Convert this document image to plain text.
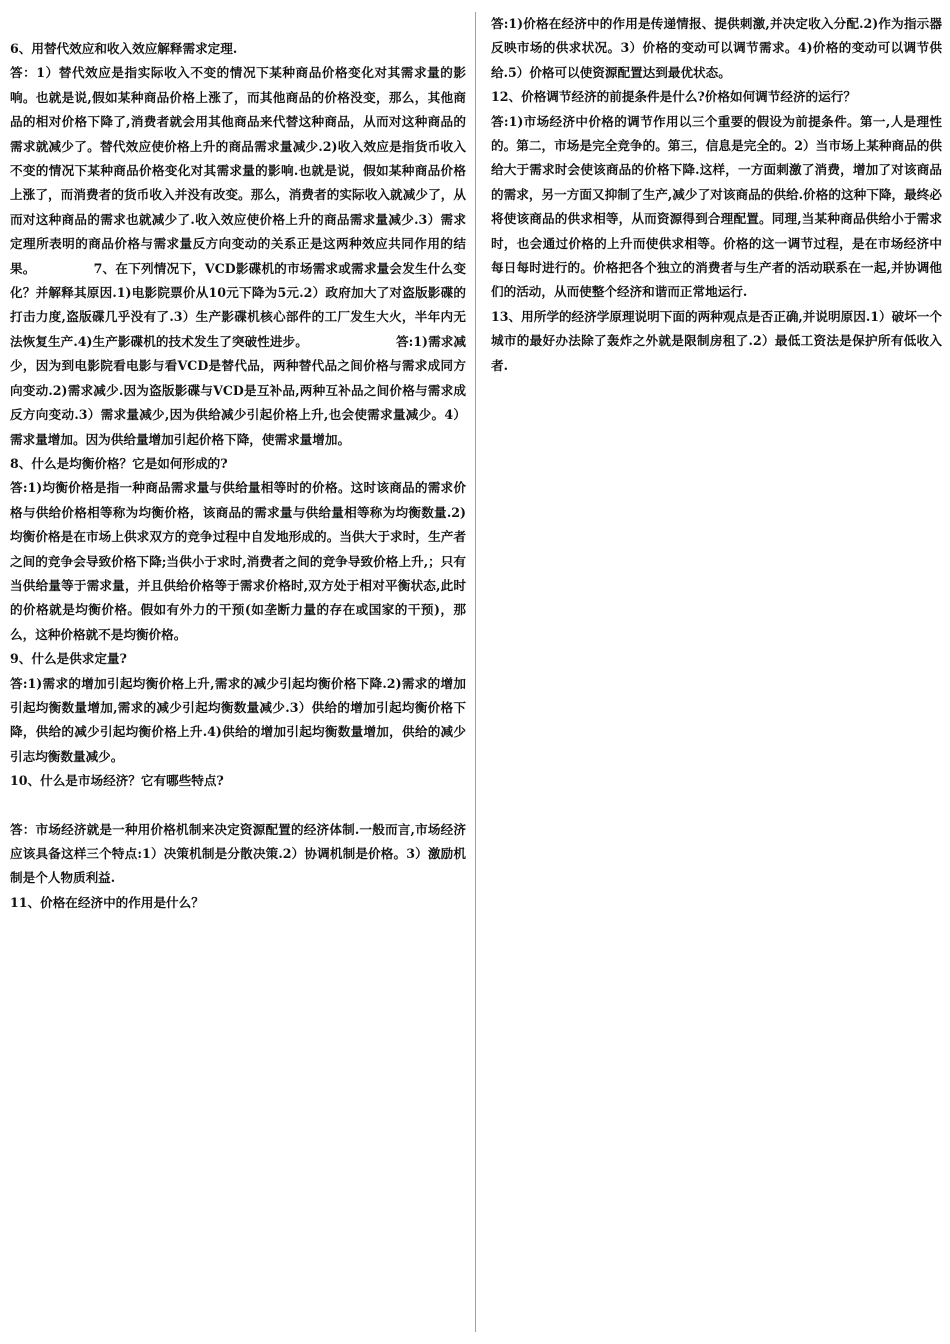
6、用替代效应和收入效应解释需求定理.

答：1）替代效应是指实际收入不变的情况下某种商品价格变化对其需求量的影响。也就是说,假如某种商品价格上涨了，而其他商品的价格没变，那么，其他商品的相对价格下降了,消费者就会用其他商品来代替这种商品，从而对这种商品的需求就减少了。替代效应使价格上升的商品需求量减少.2)收入效应是指货币收入不变的情况下某种商品价格变化对其需求量的影响.也就是说，假如某种商品价格上涨了，而消费者的货币收入并没有改变。那么，消费者的实际收入就减少了，从而对这种商品的需求也就减少了.收入效应使价格上升的商品需求量减少.3）需求定理所表明的商品价格与需求量反方向变动的关系正是这两种效应共同作用的结果。	7、在下列情况下，VCD影碟机的市场需求或需求量会发生什么变化？并解释其原因.1)电影院票价从10元下降为5元.2）政府加大了对盗版影碟的打击力度,盗版碟几乎没有了.3）生产影碟机核心部件的工厂发生大火，半年内无法恢复生产.4)生产影碟机的技术发生了突破性进步。	答:1)需求减少，因为到电影院看电影与看VCD是替代品，两种替代品之间价格与需求成同方向变动.2)需求减少.因为盗版影碟与VCD是互补品,两种互补品之间价格与需求成反方向变动.3）需求量减少,因为供给减少引起价格上升,也会使需求量减少。4）需求量增加。因为供给量增加引起价格下降，使需求量增加。

8、什么是均衡价格？它是如何形成的?

答:1)均衡价格是指一种商品需求量与供给量相等时的价格。这时该商品的需求价格与供给价格相等称为均衡价格，该商品的需求量与供给量相等称为均衡数量.2)均衡价格是在市场上供求双方的竞争过程中自发地形成的。当供大于求时，生产者之间的竞争会导致价格下降;当供小于求时,消费者之间的竞争导致价格上升,；只有当供给量等于需求量，并且供给价格等于需求价格时,双方处于相对平衡状态,此时的价格就是均衡价格。假如有外力的干预(如垄断力量的存在或国家的干预)，那么，这种价格就不是均衡价格。

9、什么是供求定量?

答:1)需求的增加引起均衡价格上升,需求的减少引起均衡价格下降.2)需求的增加引起均衡数量增加,需求的减少引起均衡数量减少.3）供给的增加引起均衡价格下降，供给的减少引起均衡价格上升.4)供给的增加引起均衡数量增加，供给的减少引志均衡数量减少。

10、什么是市场经济？它有哪些特点?

答：市场经济就是一种用价格机制来决定资源配置的经济体制.一般而言,市场经济应该具备这样三个特点:1）决策机制是分散决策.2）协调机制是价格。3）激励机制是个人物质利益.

11、价格在经济中的作用是什么？

答:1)价格在经济中的作用是传递情报、提供刺激,并决定收入分配.2)作为指示器反映市场的供求状况。3）价格的变动可以调节需求。4)价格的变动可以调节供给.5）价格可以使资源配置达到最优状态。

12、价格调节经济的前提条件是什么?价格如何调节经济的运行？

答:1)市场经济中价格的调节作用以三个重要的假设为前提条件。第一,人是理性的。第二，市场是完全竞争的。第三，信息是完全的。2）当市场上某种商品的供给大于需求时会使该商品的价格下降.这样，一方面刺激了消费，增加了对该商品的需求，另一方面又抑制了生产,减少了对该商品的供给.价格的这种下降，最终必将使该商品的供求相等，从而资源得到合理配置。同理,当某种商品供给小于需求时，也会通过价格的上升而使供求相等。价格的这一调节过程，是在市场经济中每日每时进行的。价格把各个独立的消费者与生产者的活动联系在一起,并协调他们的活动，从而使整个经济和谐而正常地运行.

13、用所学的经济学原理说明下面的两种观点是否正确,并说明原因.1）破坏一个城市的最好办法除了轰炸之外就是限制房租了.2）最低工资法是保护所有低收入者.
